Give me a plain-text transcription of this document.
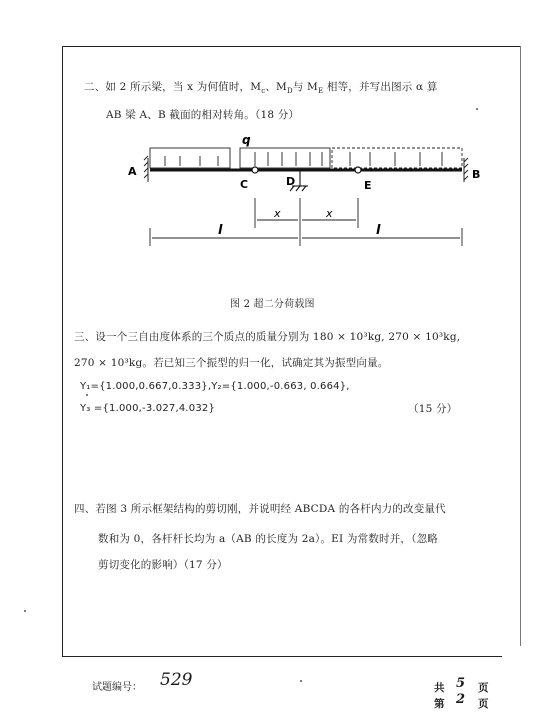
二、如 2 所示梁，当 x 为何值时，$M_c$、$M_D$与 $M_E$ 相等，并写出图示 α 算
AB 梁 A、B 截面的相对转角。（18 分）
q
A	B
C	D	E
x	x
l	l
图 2 超二分荷载图
三、设一个三自由度体系的三个质点的质量分别为 180 × 10³kg, 270 × 10³kg,
270 × 10³kg。若已知三个振型的归一化，试确定其为振型向量。
Y₁={1.000,0.667,0.333},Y₂={1.000,-0.663, 0.664},
Y₃ ={1.000,-3.027,4.032}	（15 分）
四、若图 3 所示框架结构的剪切刚，并说明经 ABCDA 的各杆内力的改变量代
数和为 0，各杆杆长均为 a（AB 的长度为 2a）。EI 为常数时并，（忽略
剪切变化的影响）（17 分）
试题编号： 529	共 5 页
第 2 页
